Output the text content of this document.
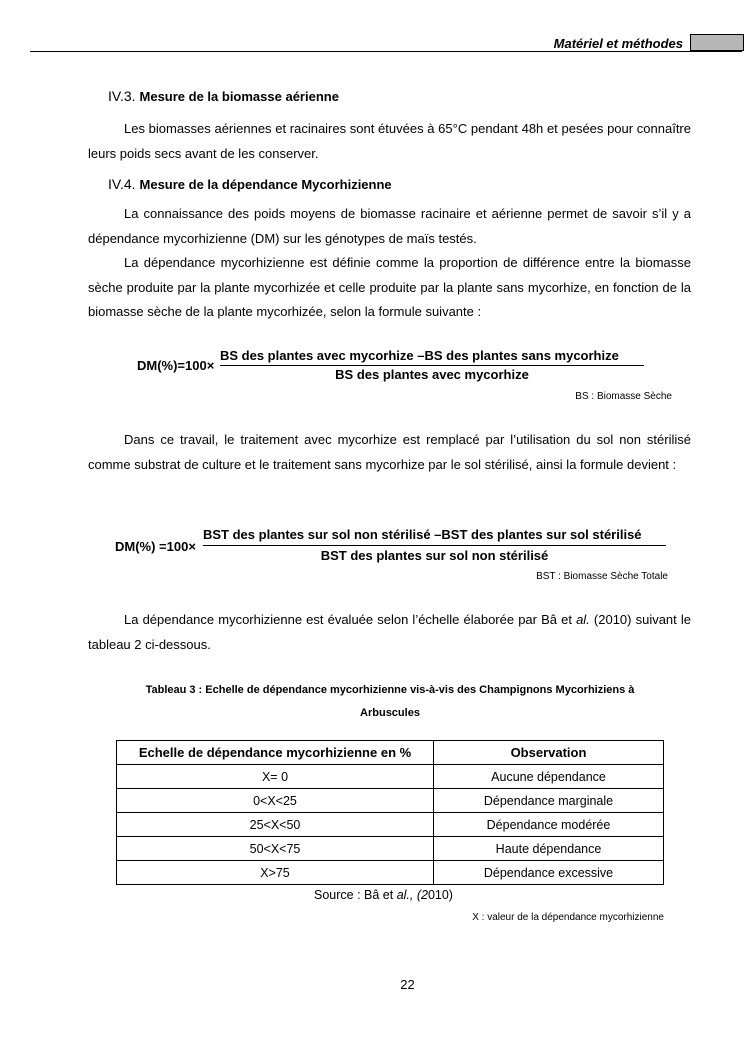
Matériel et méthodes
IV.3. Mesure de la biomasse aérienne

Les biomasses aériennes et racinaires sont étuvées à 65°C pendant 48h et pesées pour connaître leurs poids secs avant de les conserver.

IV.4. Mesure de la dépendance Mycorhizienne

La connaissance des poids moyens de biomasse racinaire et aérienne permet de savoir s’il y a dépendance mycorhizienne (DM) sur les génotypes de maïs testés.

La dépendance mycorhizienne est définie comme la proportion de différence entre la biomasse sèche produite par la plante mycorhizée et celle produite par la plante sans mycorhize, en fonction de la biomasse sèche de la plante mycorhizée, selon la formule suivante :

DM(%)=100×
BS des plantes avec mycorhize –BS des plantes sans mycorhize
BS des plantes avec mycorhize
BS : Biomasse Sèche

Dans ce travail, le traitement avec mycorhize est remplacé par l’utilisation du sol non stérilisé comme substrat de culture et le traitement sans mycorhize par le sol stérilisé, ainsi la formule devient :

DM(%) =100×
BST des plantes sur sol non stérilisé –BST des plantes sur sol stérilisé
BST des plantes sur sol non stérilisé
BST : Biomasse Sèche Totale

La dépendance mycorhizienne est évaluée selon l’échelle élaborée par Bâ et al. (2010) suivant le tableau 2 ci-dessous.

Tableau 3 : Echelle de dépendance mycorhizienne vis-à-vis des Champignons Mycorhiziens à
Arbuscules
Echelle de dépendance mycorhizienne en %	Observation
X= 0	Aucune dépendance
0<X<25	Dépendance marginale
25<X<50	Dépendance modérée
50<X<75	Haute dépendance
X>75	Dépendance excessive
Source : Bâ et al., (2010)
X : valeur de la dépendance mycorhizienne
22
